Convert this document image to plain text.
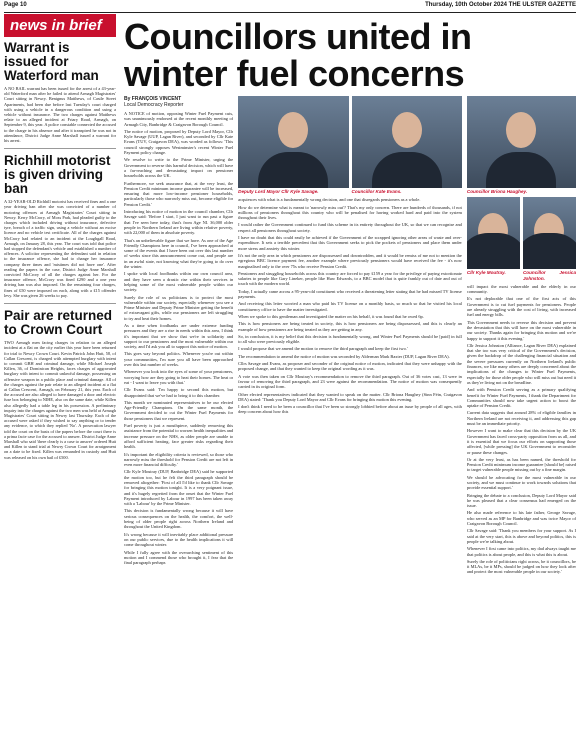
Page 10	Thursday, 10th October 2024 THE ULSTER GAZETTE
news in brief
Warrant is issued for Waterford man
A NO BAIL warrant has been issued for the arrest of a 43-year-old Waterford man after he failed to attend Armagh Magistrates' Court sitting in Newry. Benignus Matthews, of Castle Street Apartments, had been due before last Tuesday's court charged with using a vehicle in a dangerous condition and using a vehicle without insurance. The two charges against Matthews relate to an alleged incident at Friary Road, Armagh, on September 9, this year. A police constable connected the accused to the charge in his absence and after it transpired he was not in attendance, District Judge Anne Marshall issued a warrant for his arrest.
Richhill motorist is given driving ban
A 32-YEAR-OLD Richhill motorist has received fines and a one year driving ban after she was convicted of a number of motoring offences at Armagh Magistrates' Court sitting in Newry. Kerry McCrory, of Moss Park, had pleaded guilty to the charges which included driving without insurance, defective tyre, breach of a traffic sign, using a vehicle without an excise licence and no vehicle test certificate. All of the charges against McCrory had related to an incident at the Loughgall Road, Armagh, on January 28, this year. The court was told that police had stopped the defendant's vehicle and established a number of offences. A solicitor representing the defendant said in relation to the insurance offence, she had to change her insurance company three times and 'mistimes did not have one'. After reading the papers in the case, District Judge Anne Marshall convicted McCrory of all the charges against her. For the insurance offence, McCrory was fined £290 and a one year driving ban was also imposed. On the remaining four charges, fines of £50 were imposed on each, along with a £15 offender levy. She was given 26 weeks to pay.
Pair are returned to Crown Court
TWO Armagh men facing charges in relation to an alleged incident at a flat on the city earlier this year have been returned for trial to Newry Crown Court. Kevin Patrick John Hutt, 58, of Callan Crescent, is charged with attempted burglary with intent to commit GBH and criminal damage, while Michael Joseph Killen, 36, of Dominican Heights, faces charges of aggravated burglary with intent to commit unlawful damage, possessing an offensive weapon in a public place and criminal damage. All of the charges against the pair relate to an alleged incident at a flat at Callan Crescent, Armagh, on February 21, this year. Each of the accused are also alleged to have damaged a door and electric fuse box belonging to NIHE, also on the same date, while Killen also allegedly had a table leg in his possession. A preliminary inquiry into the charges against the two men was held at Armagh Magistrates' Court sitting in Newry last Thursday. Each of the accused were asked if they wished to say anything or to tender any evidence, to which they replied 'No'. A prosecution lawyer told the court on the basis of the papers before the court there is a prima facie case for the accused to answer. District Judge Anne Marshall who said 'there clearly is a case to answer' ordered Hutt and Killen to stand trial at Newry Crown Court for arraignment on a date to be fixed. Killen was remanded in custody and Hutt was released on his own bail of £500.
Councillors united in winter fuel concerns
By FRANÇOIS VINCENT
Local Democracy Reporter

A NOTICE of motion, opposing Winter Fuel Payment cuts, was unanimously endorsed at the recent monthly meeting of Armagh City, Banbridge & Craigavon Borough Council.

The notice of motion, proposed by Deputy Lord Mayor, Cllr Kyle Savage (UUP, Lagan River), and seconded by Cllr Kate Evans (TUV, Craigavon DEA), was worded as follows: 'This council strongly opposes Westminster's recent Winter Fuel Payment policy change.

We resolve to write to the Prime Minister, urging the Government to reverse this harmful decision, which will have a far-reaching and devastating impact on pensioner households across the UK.

Furthermore, we seek assurance that, at the very least, the Pension Credit minimum income guarantee will be increased, ensuring that more low-income pensioner households, particularly those who narrowly miss out, become eligible for Pension Credit.'

Introducing his notice of motion in the council chamber, Cllr Savage said: 'Before I start, I just want to run past a figure that I've seen here today, that's from Age NI. 36,000 older people in Northern Ireland are living within relative poverty, with 22,000 of them in absolute poverty.

That's an unbelievable figure that we have. As one of the Age Friendly Champions here in council, I've been approached at some of the events that I have been out over this last number of weeks since this announcement come out, and people are in an awful state, not knowing what they're going to do over the winter.

I spoke with local foodbanks within our own council area, and they have seen a drastic rise within their services in helping some of the most vulnerable people within our society.

Surely the role of us politicians is to protect the most vulnerable within our society, especially whenever you see a Prime Minister and Deputy Prime Minister getting the benefit of extravagant gifts, while our pensioners are left struggling to try and heat their homes.

As a time when foodbanks are under extreme funding pressures and they are a rise in needs within this area, I think it's important that we show that we're in solidarity and support to our pensioners and the most vulnerable within our society, and I'd ask you all to support this notice of motion.

This goes way beyond politics. Whenever you're out within your communities, I'm sure you all have been approached over this last number of weeks.

Whenever you look into the eyes of some of your pensioners, worrying how are they going to heat their homes. The heat or eat - I want to leave you with that.'

Cllr Evans said: 'I'm happy to second this motion, but disappointed that we've had to bring it to this chamber.

This month we nominated representatives to be our elected Age-Friendly Champions. On the same month, the Government decided to cut the Winter Fuel Payments for those pensioners that we represent.

Fuel poverty is just a mouthpiece, suddenly removing this assistance from the potential to worsen health inequalities and increase pressure on the NHS, as older people are unable to afford sufficient heating, face greater risks regarding their health.

It's important the eligibility criteria is reviewed, so those who narrowly miss the threshold for Pension Credit are not left in even more financial difficulty.'

Cllr Kyle Moutray (DUP, Banbridge DEA) said he supported the motion too, but he felt the third paragraph should be removed altogether: 'First of all I'd like to thank Cllr Savage for bringing this motion tonight. It is a very poignant issue, and it's hugely regretted from the onset that the Winter Fuel Payment introduced by Labour in 1997 has been taken away with a 'Labour' by the Prime Minister.

This decision is fundamentally wrong because it will have serious consequences on the health, the comfort, the well-being of older people right across Northern Ireland and throughout the United Kingdom.

It's wrong because it will inevitably place additional pressure on our public services, due to the health implications it will come throughout winter.

While I fully agree with the overarching sentiment of this motion and I commend those who brought it, I fear that the final paragraph perhaps

Deputy Lord Mayor Cllr Kyle Savage.	Councillor Kate Evans.

acquiesces with what is a fundamentally wrong decision, and one that disregards pensioners as a whole.

How do we determine what is meant to 'narrowly miss out'? That's my only concern. There are hundreds of thousands, if not millions of pensioners throughout this country who will be penalised for having worked hard and paid into the system throughout their lives.

I would rather the Government continued to fund this scheme in its entirety throughout the UK, so that we can recognise and respect all pensioners throughout society.

I have no doubt that this could easily be achieved if the Government of the scrapped ignoring other areas of waste and over-expenditure. It sets a terrible precedent that this Government seeks to pick the pockets of pensioners and place them under more stress and anxiety this winter.

It's not the only area in which pensioners are dispossessed and downtrodden, and it would be remiss of me not to mention the egregious BBC licence payment fee, another example where previously pensioners would have received the fee - it's now marginalised only to the over 75s who receive Pension Credit.

Pensioners and struggling households across this country are forced to pay £159 a year for the privilege of paying extortionate salaries to people like Gary Lineker, people like Huw Edwards, to a BBC model that is quite frankly out of date and out of touch with the modern world.

Today, I actually came across a 95-year-old constituent who received a threatening letter stating that he had missed TV license payments.

And receiving this letter worried a man who paid his TV license on a monthly basis, so much so that he visited his local constituency office to have the matter investigated.

When we spoke to this gentleman and investigated the matter on his behalf, it was found that he owed 6p.

This is how pensioners are being treated in society, this is how pensioners are being dispossessed, and this is clearly an example of how pensioners are being treated as they are getting in any.

So, in conclusion, it is my belief that this decision is fundamentally wrong, and Winter Fuel Payments should be [paid] in full to all who were previously eligible.

I would propose that we amend the motion to remove the third paragraph and keep the first two.'

The recommendation to amend the notice of motion was seconded by Alderman Mark Baxter (DUP, Lagan River DEA).

Cllrs Savage and Evans, as proposer and seconder of the original notice of motion, indicated that they were unhappy with the proposed change, and that they wanted to keep the original wording as it was.

A vote was then taken on Cllr Moutray's recommendation to remove the third paragraph. Out of 36 votes cast, 13 were in favour of removing the third paragraph, and 23 were against the recommendation. The notice of motion was consequently carried in its original form.

Other elected representatives indicated that they wanted to speak on the matter. Cllr Briona Haughey (Sinn Féin, Craigavon DEA) stated: 'Thank you Deputy Lord Mayor and Cllr Evans for bringing this motion this evening.

I don't think I need to be been a councillor that I've been so strongly lobbied before about an issue by people of all ages, with deep concern about how this

Councillor Briona Haughey.
Cllr Kyle Moutray.	Councillor Jessica Johnston.

will impact the most vulnerable and the elderly in our community.

It's not deplorable that one of the first acts of this Government is to cut fuel payments for pensioners. People are already struggling with the cost of living, with increased fuel and energy bills.

This Government needs to reverse this decision and prevent the devastation that this will have on the most vulnerable in our society. Thanks again for bringing this motion and we're happy to support it this evening.'

Cllr Jessica Johnston (Alliance, Lagan River DEA) explained that she too was very critical of the Government's decision, given the backdrop of the challenging financial situation and the severe pressures currently on Northern Ireland's public finances, we like many others are deeply concerned about the implications of the changes to Winter Fuel Payments, especially for those older people who will miss out but need it as they're living not on the breadline.

And with Pension Credit serving as a primary qualifying benefit for Winter Fuel Payments, I thank the Department for Communities should now take urgent action to boost the uptake of Pension Credit.

Current data suggests that around 28% of eligible families in Northern Ireland are not receiving it, and addressing this gap must be an immediate priority.

However I want to make clear that this decision by the UK Government has faced cross-party opposition from us all, and it is essential that we focus our efforts on supporting those affected, [while pressing] the UK Government to reconsider or pause these changes.

Or at the very least, as has been named, the threshold for Pension Credit minimum income guarantee [should be] raised to target vulnerable people missing out by a fine margin.

We should be advocating for the most vulnerable in our society, and we must continue to work towards solutions that provide essential support.'

Bringing the debate to a conclusion, Deputy Lord Mayor said he was pleased that a clear consensus had emerged on the issue.

He also made reference to his late father, George Savage, who served as an MP for Banbridge and was twice Mayor of Craigavon Borough Council.

Cllr Savage said: 'Thank you members for your support. As I said at the very start, this is above and beyond politics, this is people we're talking about.

Whenever I first came into politics, my dad always taught me that politics is about people, and this is what this is about.

Surely the role of politicians right across, be it councillors, be it MLAs, be it MPs, should be judged on how they look after and protect the most vulnerable people in our society.'
